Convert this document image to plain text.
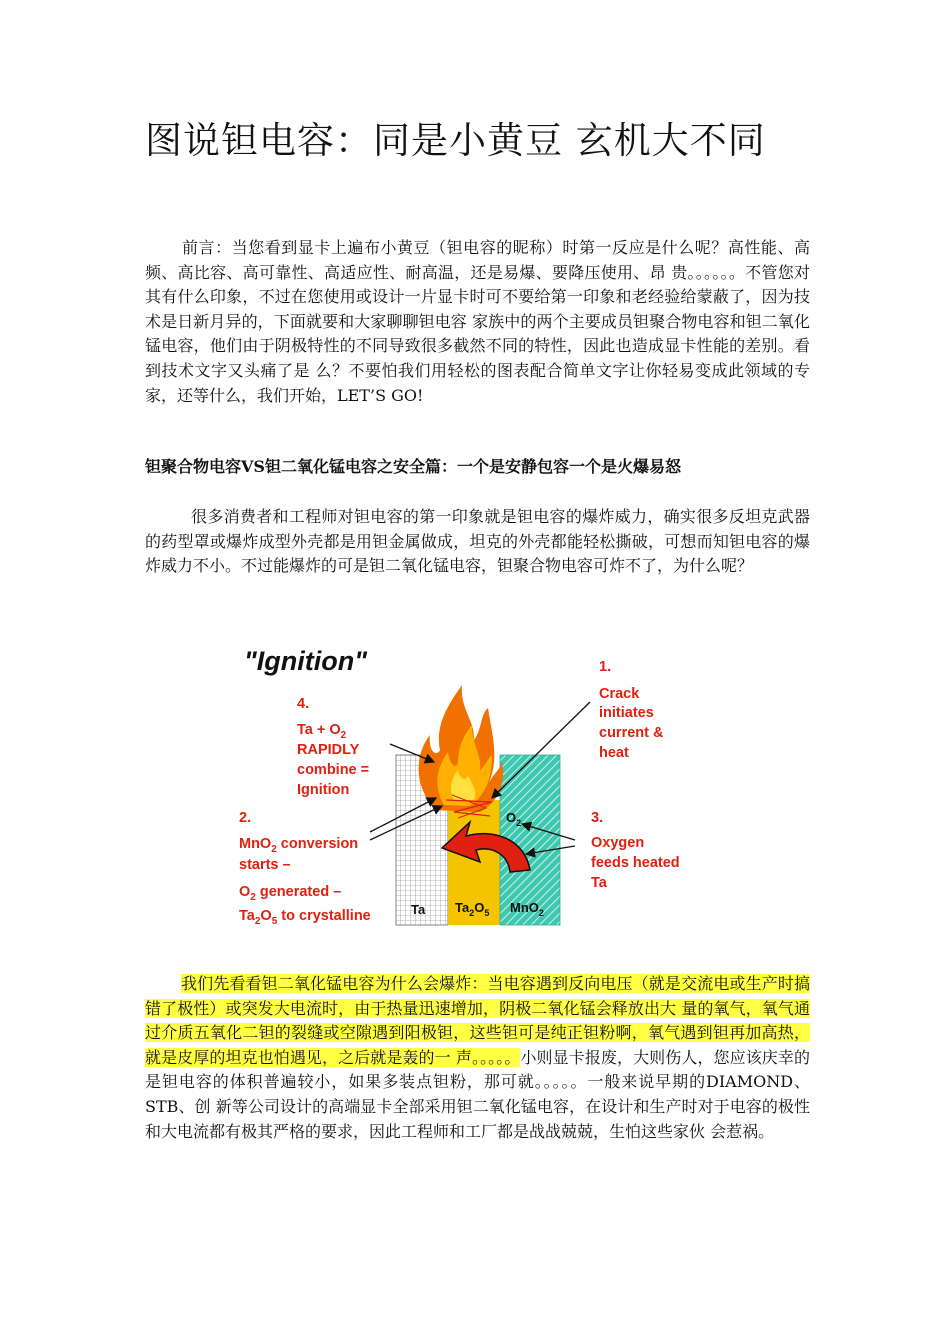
图说钽电容：同是小黄豆 玄机大不同

前言：当您看到显卡上遍布小黄豆（钽电容的昵称）时第一反应是什么呢？高性能、高频、高比容、高可靠性、高适应性、耐高温，还是易爆、要降压使用、昂 贵。。。。。。不管您对其有什么印象，不过在您使用或设计一片显卡时可不要给第一印象和老经验给蒙蔽了，因为技术是日新月异的，下面就要和大家聊聊钽电容 家族中的两个主要成员钽聚合物电容和钽二氧化锰电容，他们由于阴极特性的不同导致很多截然不同的特性，因此也造成显卡性能的差别。看到技术文字又头痛了是 么？不要怕我们用轻松的图表配合简单文字让你轻易变成此领域的专家，还等什么，我们开始，LET’S GO!

钽聚合物电容VS钽二氧化锰电容之安全篇：一个是安静包容一个是火爆易怒

很多消费者和工程师对钽电容的第一印象就是钽电容的爆炸威力，确实很多反坦克武器的药型罩或爆炸成型外壳都是用钽金属做成，坦克的外壳都能轻松撕破，可想而知钽电容的爆炸威力不小。不过能爆炸的可是钽二氧化锰电容，钽聚合物电容可炸不了，为什么呢？

"Ignition"	1.
Crack
initiates
current &
heat
4.
$Ta + O_2$
RAPIDLY
combine =
Ignition
2.
MnO$_2$ conversion
starts –
$O_2$ generated –
$Ta_2O_5$ to crystalline
3.
Oxygen
feeds heated
Ta
$O_2$
Ta $Ta_2O_5$ MnO$_2$

我们先看看钽二氧化锰电容为什么会爆炸：当电容遇到反向电压（就是交流电或生产时搞错了极性）或突发大电流时，由于热量迅速增加，阴极二氧化锰会释放出大 量的氧气，氧气通过介质五氧化二钽的裂缝或空隙遇到阳极钽，这些钽可是纯正钽粉啊，氧气遇到钽再加高热，就是皮厚的坦克也怕遇见，之后就是轰的一 声。。。。。小则显卡报废，大则伤人，您应该庆幸的是钽电容的体积普遍较小，如果多装点钽粉，那可就。。。。。一般来说早期的DIAMOND、STB、创 新等公司设计的高端显卡全部采用钽二氧化锰电容，在设计和生产时对于电容的极性和大电流都有极其严格的要求，因此工程师和工厂都是战战兢兢，生怕这些家伙 会惹祸。
